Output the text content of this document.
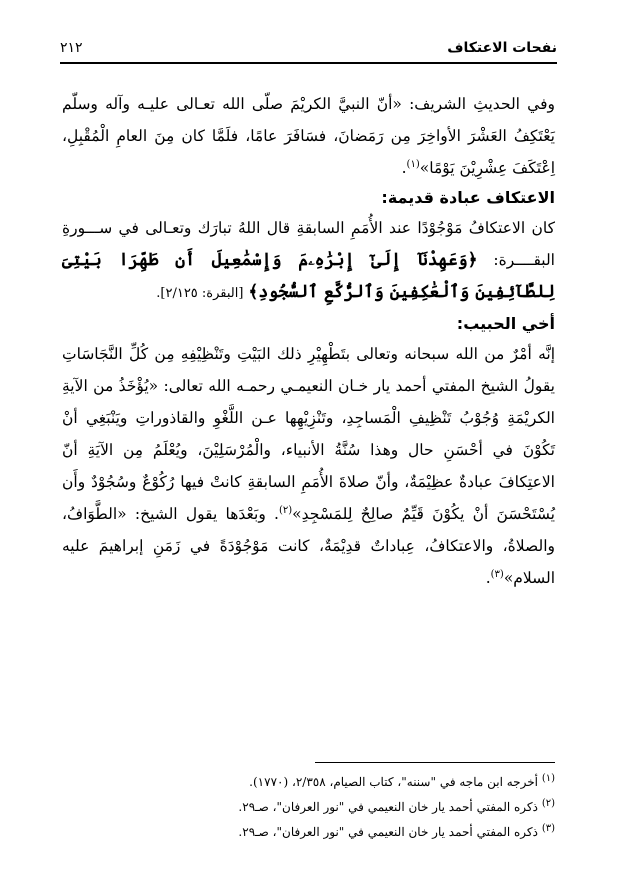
نفحات الاعتكاف
٢١٢

وفي الحديثِ الشريف: «أنّ النبيَّ الكريْمَ صلّى الله تعـالى عليـه وآله وسلّم يَعْتَكِفُ العَشْرَ الأواخِرَ مِن رَمَضانَ، فسَافَرَ عامًا، فلَمَّا كان مِنَ العامِ الْمُقْبِلِ، اِعْتَكَفَ عِشْرِيْنَ يَوْمًا»$^{(١)}$.

الاعتكاف عبادة قديمة:

كان الاعتكافُ مَوْجُوْدًا عند الأُمَمِ السابقةِ قال اللهُ تبارَك وتعـالى في ســـورةِ البقــــرة: ﴿وَعَهِدْنَآ إِلَىٰٓ إِبْرَٰهِۦمَ وَإِسْمَٰعِيلَ أَن طَهِّرَا بَيْتِىَ لِلطَّآئِفِينَ وَٱلْعَٰكِفِينَ وَٱلرُّكَّعِ ٱلسُّجُودِ﴾ [البقرة: ٢/١٢٥].

أخي الحبيب:

إنَّه أمْرٌ من الله سبحانه وتعالى بتَطْهِيْرِ ذلك البَيْتِ وتَنْظِيْفِهِ مِن كُلِّ النَّجَاسَاتِ يقولُ الشيخ المفتي أحمد يار خـان النعيمـي رحمـه الله تعالى: «يُؤْخَذُ من الآيةِ الكريْمَةِ وُجُوْبُ تَنْظِيفِ الْمَساجِدِ، وتَنْزِيْهِها عـن اللَّغْوِ والقاذوراتِ ويَنْبَغِي أنْ تَكُوْنَ في أحْسَنِ حال وهذا سُنَّةُ الأنبياء، والْمُرْسَلِيْنَ، ويُعْلَمُ مِن الآيَةِ أنّ الاعتِكافَ عبادةٌ عظِيْمَةٌ، وأنّ صلاةَ الأُمَمِ السابقةِ كانتْ فيها رُكُوْعٌ وسُجُوْدٌ وأَن يُسْتَحْسَنَ أنْ يكُوْنَ قَيِّمٌ صالِحٌ لِلمَسْجِدِ»$^{(٢)}$. وبَعْدَها يقول الشيخ: «الطَّوَافُ، والصلاةُ، والاعتكافُ، عِباداتٌ قدِيْمَةٌ، كانت مَوْجُوْدَةً في زَمَنِ إبراهيمَ عليه السلام»$^{(٣)}$.

$^{(١)}$ أخرجه ابن ماجه في "سننه"، كتاب الصيام، ٢/٣٥٨، (١٧٧٠).
$^{(٢)}$ ذكره المفتي أحمد يار خان النعيمي في "نور العرفان"، صـ٢٩.
$^{(٣)}$ ذكره المفتي أحمد يار خان النعيمي في "نور العرفان"، صـ٢٩.
